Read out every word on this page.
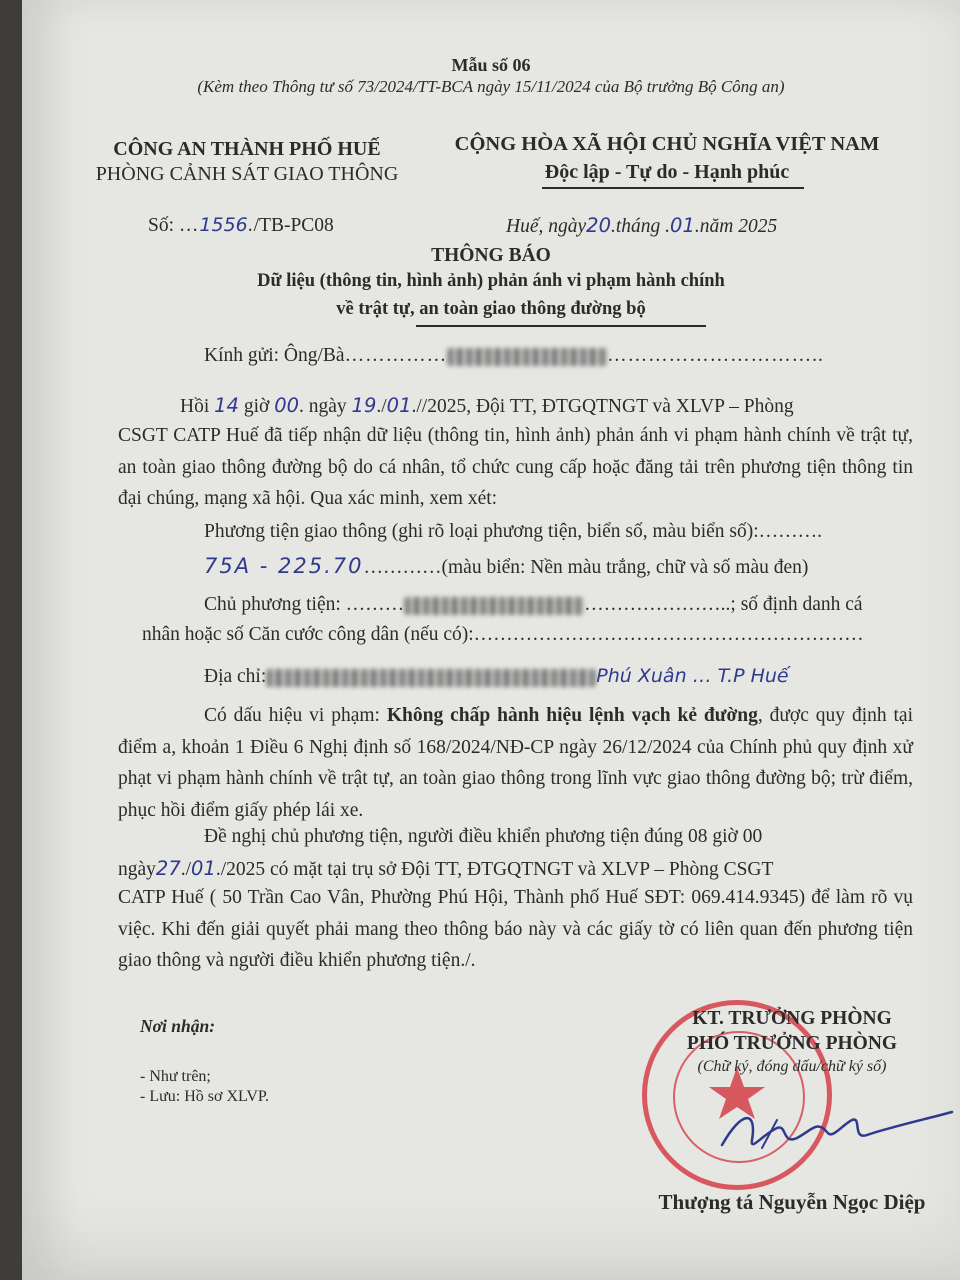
Mẫu số 06
(Kèm theo Thông tư số 73/2024/TT-BCA ngày 15/11/2024 của Bộ trưởng Bộ Công an)
CÔNG AN THÀNH PHỐ HUẾ
PHÒNG CẢNH SÁT GIAO THÔNG
Số: …1556./TB-PC08
CỘNG HÒA XÃ HỘI CHỦ NGHĨA VIỆT NAM
Độc lập - Tự do - Hạnh phúc
Huế, ngày20.tháng .01.năm 2025
THÔNG BÁO
Dữ liệu (thông tin, hình ảnh) phản ánh vi phạm hành chính
về trật tự, an toàn giao thông đường bộ
Kính gửi: Ông/Bà……………	…………………………..
Hồi 14 giờ 00. ngày 19./01.//2025, Đội TT, ĐTGQTNGT và XLVP – Phòng
CSGT CATP Huế đã tiếp nhận dữ liệu (thông tin, hình ảnh) phản ánh vi phạm hành chính về trật tự, an toàn giao thông đường bộ do cá nhân, tổ chức cung cấp hoặc đăng tải trên phương tiện thông tin đại chúng, mạng xã hội. Qua xác minh, xem xét:
Phương tiện giao thông (ghi rõ loại phương tiện, biển số, màu biển số):……….
75A - 225.70…………(màu biển: Nền màu trắng, chữ và số màu đen)
Chủ phương tiện: ………	…………………..; số định danh cá
nhân hoặc số Căn cước công dân (nếu có):……………………………………………………
Địa chỉ:	Phú Xuân … T.P Huế
Có dấu hiệu vi phạm: Không chấp hành hiệu lệnh vạch kẻ đường, được quy định tại điểm a, khoản 1 Điều 6 Nghị định số 168/2024/NĐ-CP ngày 26/12/2024 của Chính phủ quy định xử phạt vi phạm hành chính về trật tự, an toàn giao thông trong lĩnh vực giao thông đường bộ; trừ điểm, phục hồi điểm giấy phép lái xe.
Đề nghị chủ phương tiện, người điều khiển phương tiện đúng 08 giờ 00
ngày27./01./2025 có mặt tại trụ sở Đội TT, ĐTGQTNGT và XLVP – Phòng CSGT
CATP Huế ( 50 Trần Cao Vân, Phường Phú Hội, Thành phố Huế SĐT: 069.414.9345) để làm rõ vụ việc. Khi đến giải quyết phải mang theo thông báo này và các giấy tờ có liên quan đến phương tiện giao thông và người điều khiển phương tiện./.
Nơi nhận:
- Như trên;
- Lưu: Hồ sơ XLVP.
KT. TRƯỞNG PHÒNG
PHÓ TRƯỞNG PHÒNG
(Chữ ký, đóng dấu/chữ ký số)
Thượng tá Nguyễn Ngọc Diệp
